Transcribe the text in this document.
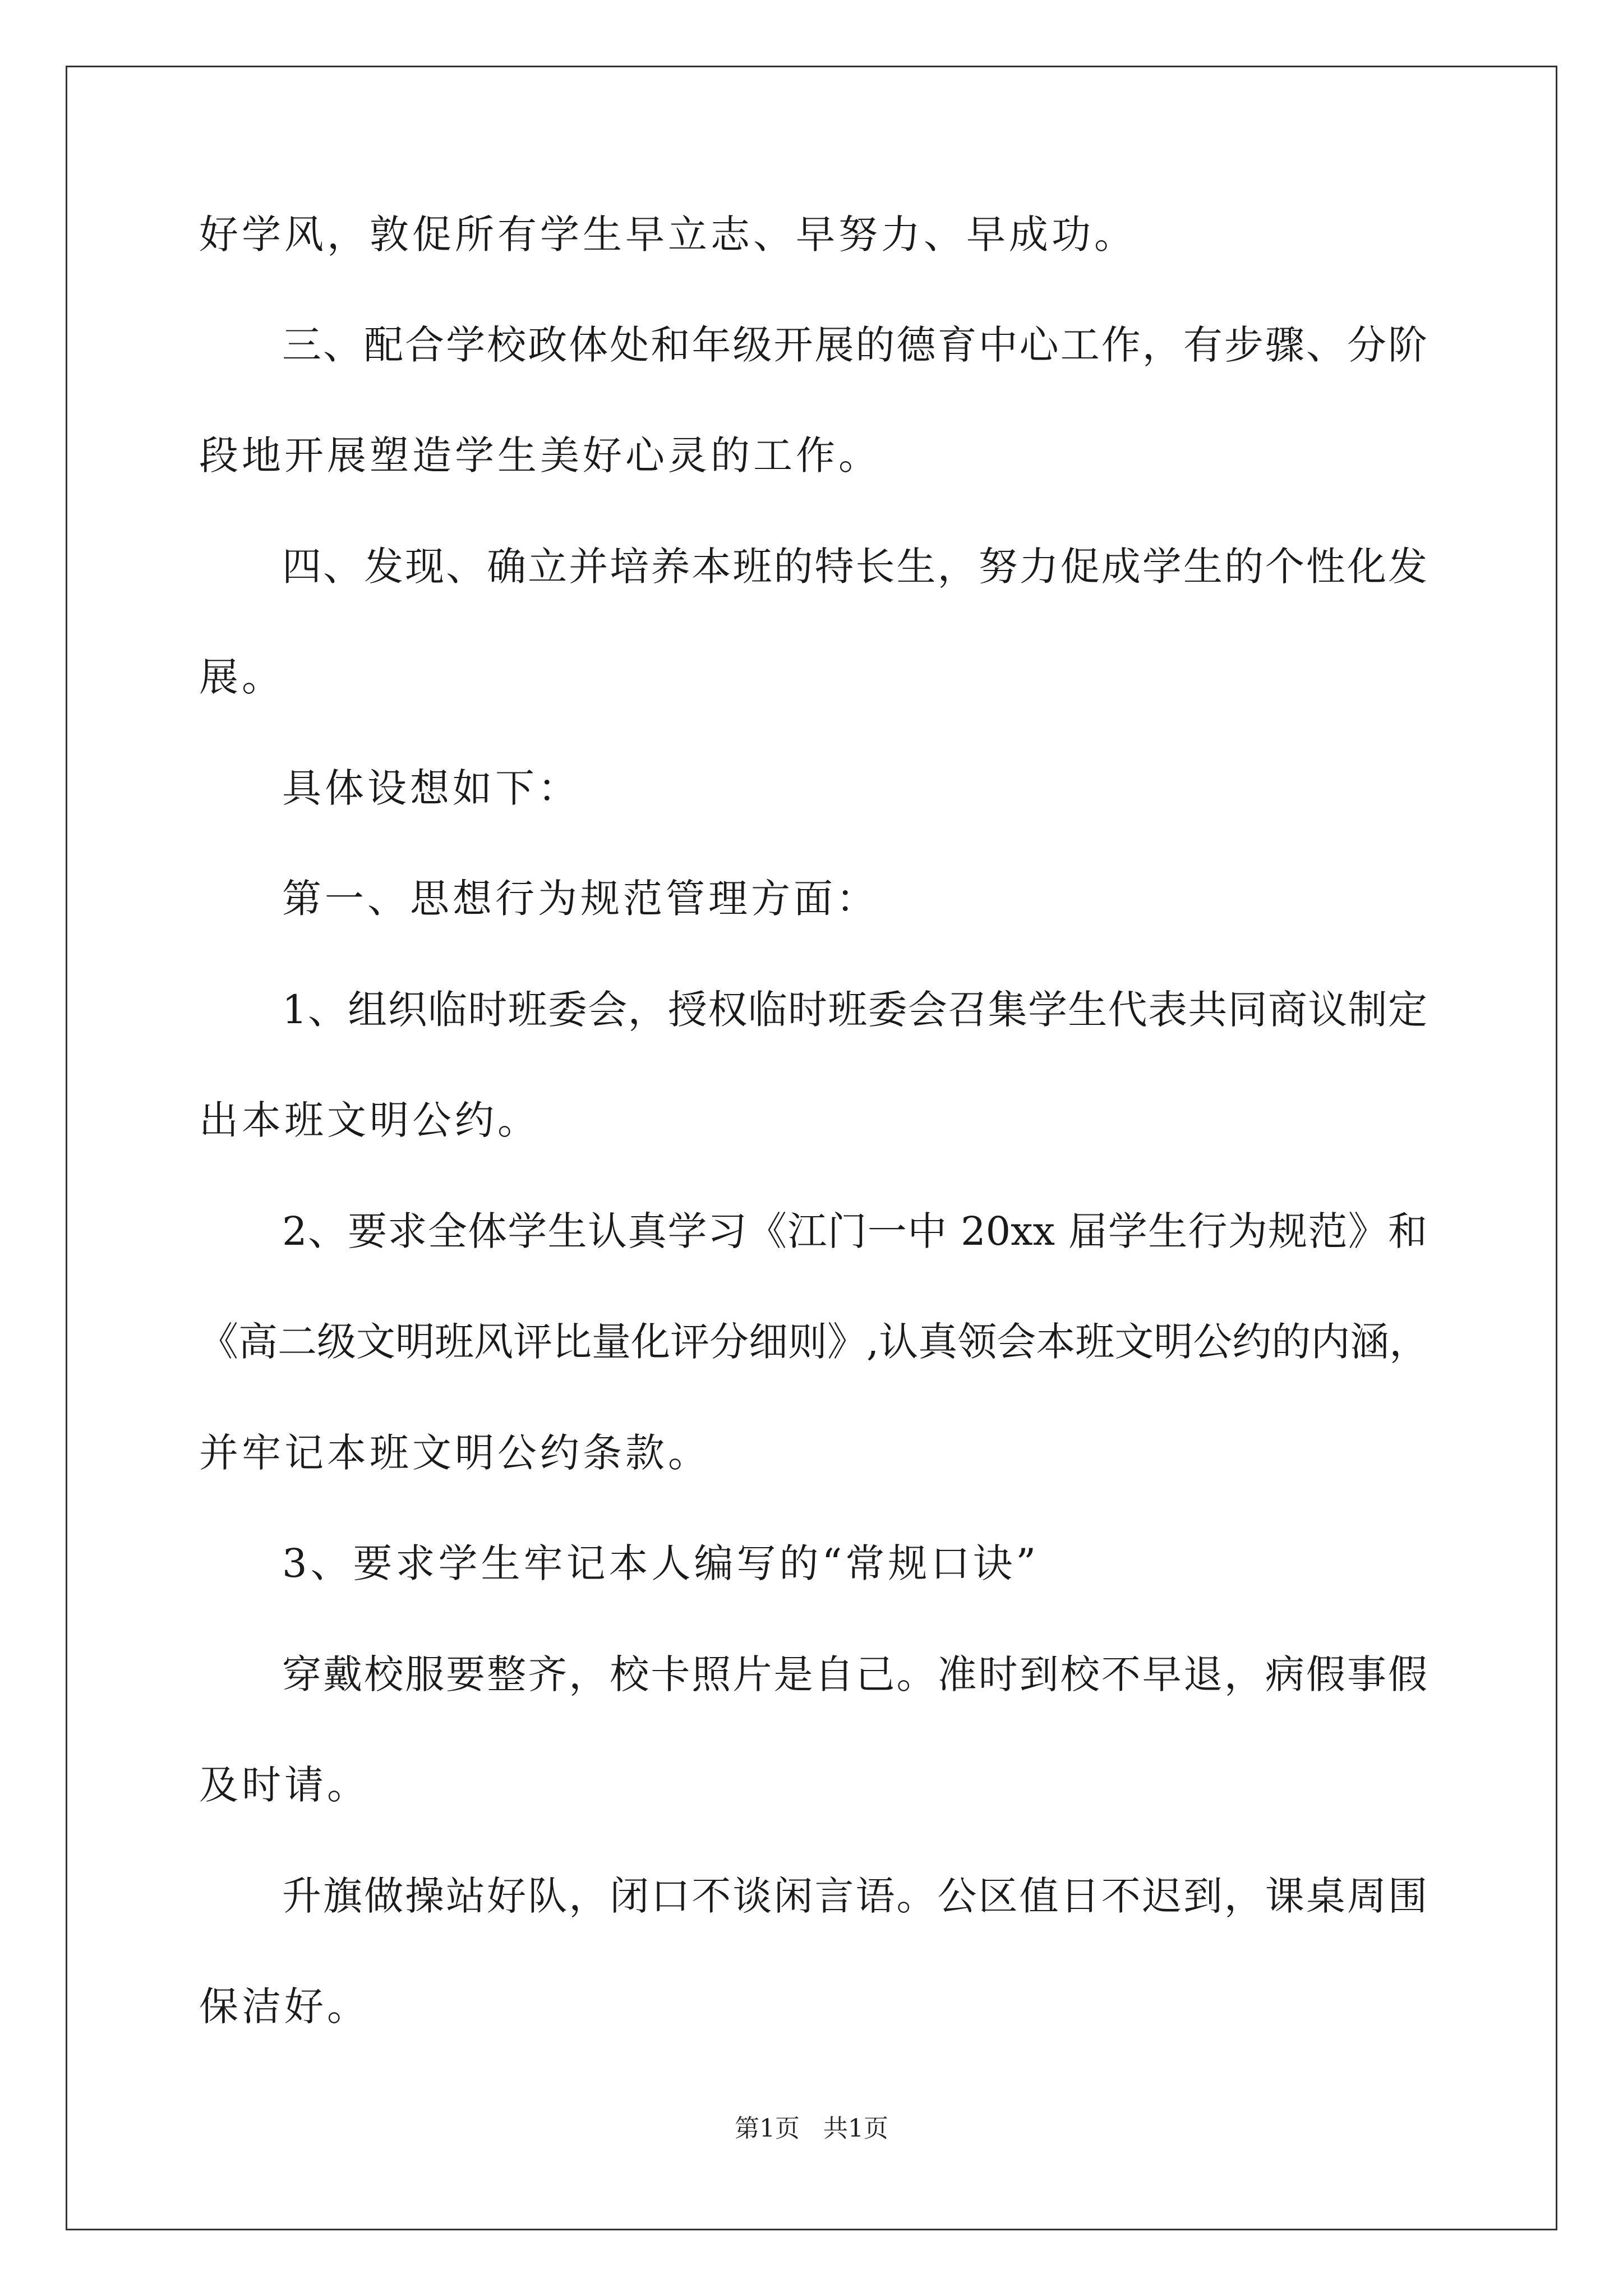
好学风，敦促所有学生早立志、早努力、早成功。
三、配合学校政体处和年级开展的德育中心工作，有步骤、分阶
段地开展塑造学生美好心灵的工作。
四、发现、确立并培养本班的特长生，努力促成学生的个性化发
展。
具体设想如下：
第一、思想行为规范管理方面：
1、组织临时班委会，授权临时班委会召集学生代表共同商议制定
出本班文明公约。
2、要求全体学生认真学习《江门一中 20xx 届学生行为规范》和
《高二级文明班风评比量化评分细则》,认真领会本班文明公约的内涵，
并牢记本班文明公约条款。
3、要求学生牢记本人编写的“常规口诀”
穿戴校服要整齐，校卡照片是自己。准时到校不早退，病假事假
及时请。
升旗做操站好队，闭口不谈闲言语。公区值日不迟到，课桌周围
保洁好。
第1页 共1页
